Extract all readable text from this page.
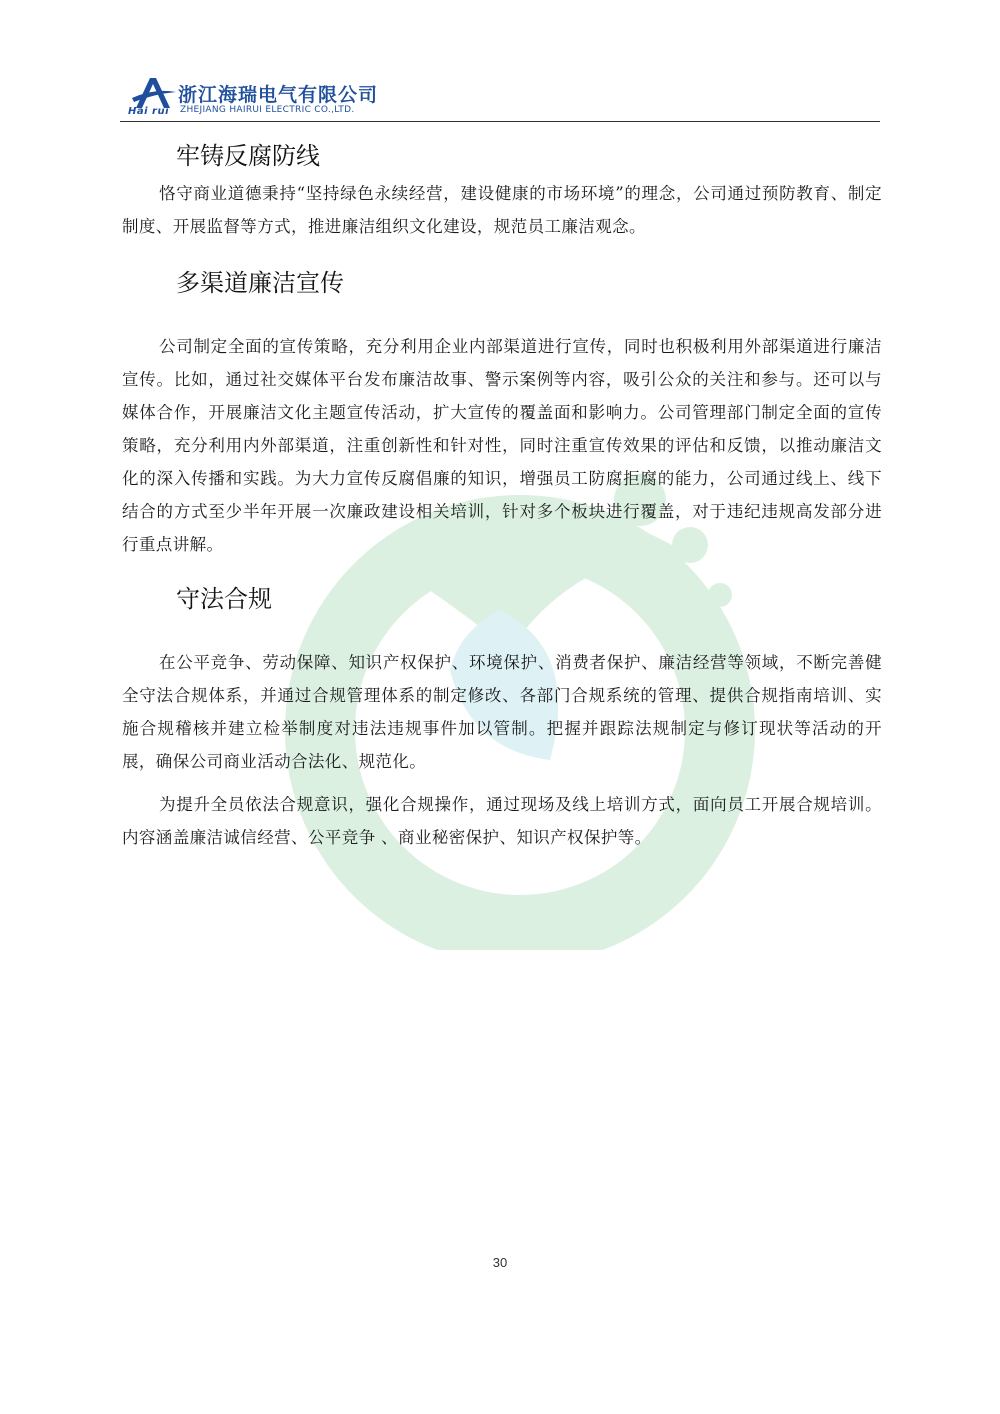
Hai rui
浙江海瑞电气有限公司
ZHEJIANG HAIRUI ELECTRIC CO.,LTD.
牢铸反腐防线

恪守商业道德秉持“坚持绿色永续经营，建设健康的市场环境”的理念，公司通过预防教育、制定制度、开展监督等方式，推进廉洁组织文化建设，规范员工廉洁观念。

多渠道廉洁宣传

公司制定全面的宣传策略，充分利用企业内部渠道进行宣传，同时也积极利用外部渠道进行廉洁宣传。比如，通过社交媒体平台发布廉洁故事、警示案例等内容，吸引公众的关注和参与。还可以与媒体合作，开展廉洁文化主题宣传活动，扩大宣传的覆盖面和影响力。公司管理部门制定全面的宣传策略，充分利用内外部渠道，注重创新性和针对性，同时注重宣传效果的评估和反馈，以推动廉洁文化的深入传播和实践。为大力宣传反腐倡廉的知识，增强员工防腐拒腐的能力，公司通过线上、线下结合的方式至少半年开展一次廉政建设相关培训，针对多个板块进行覆盖，对于违纪违规高发部分进行重点讲解。

守法合规

在公平竞争、劳动保障、知识产权保护、环境保护、消费者保护、廉洁经营等领域，不断完善健全守法合规体系，并通过合规管理体系的制定修改、各部门合规系统的管理、提供合规指南培训、实施合规稽核并建立检举制度对违法违规事件加以管制。把握并跟踪法规制定与修订现状等活动的开展，确保公司商业活动合法化、规范化。

为提升全员依法合规意识，强化合规操作，通过现场及线上培训方式，面向员工开展合规培训。 内容涵盖廉洁诚信经营、公平竞争 、商业秘密保护、知识产权保护等。

30
